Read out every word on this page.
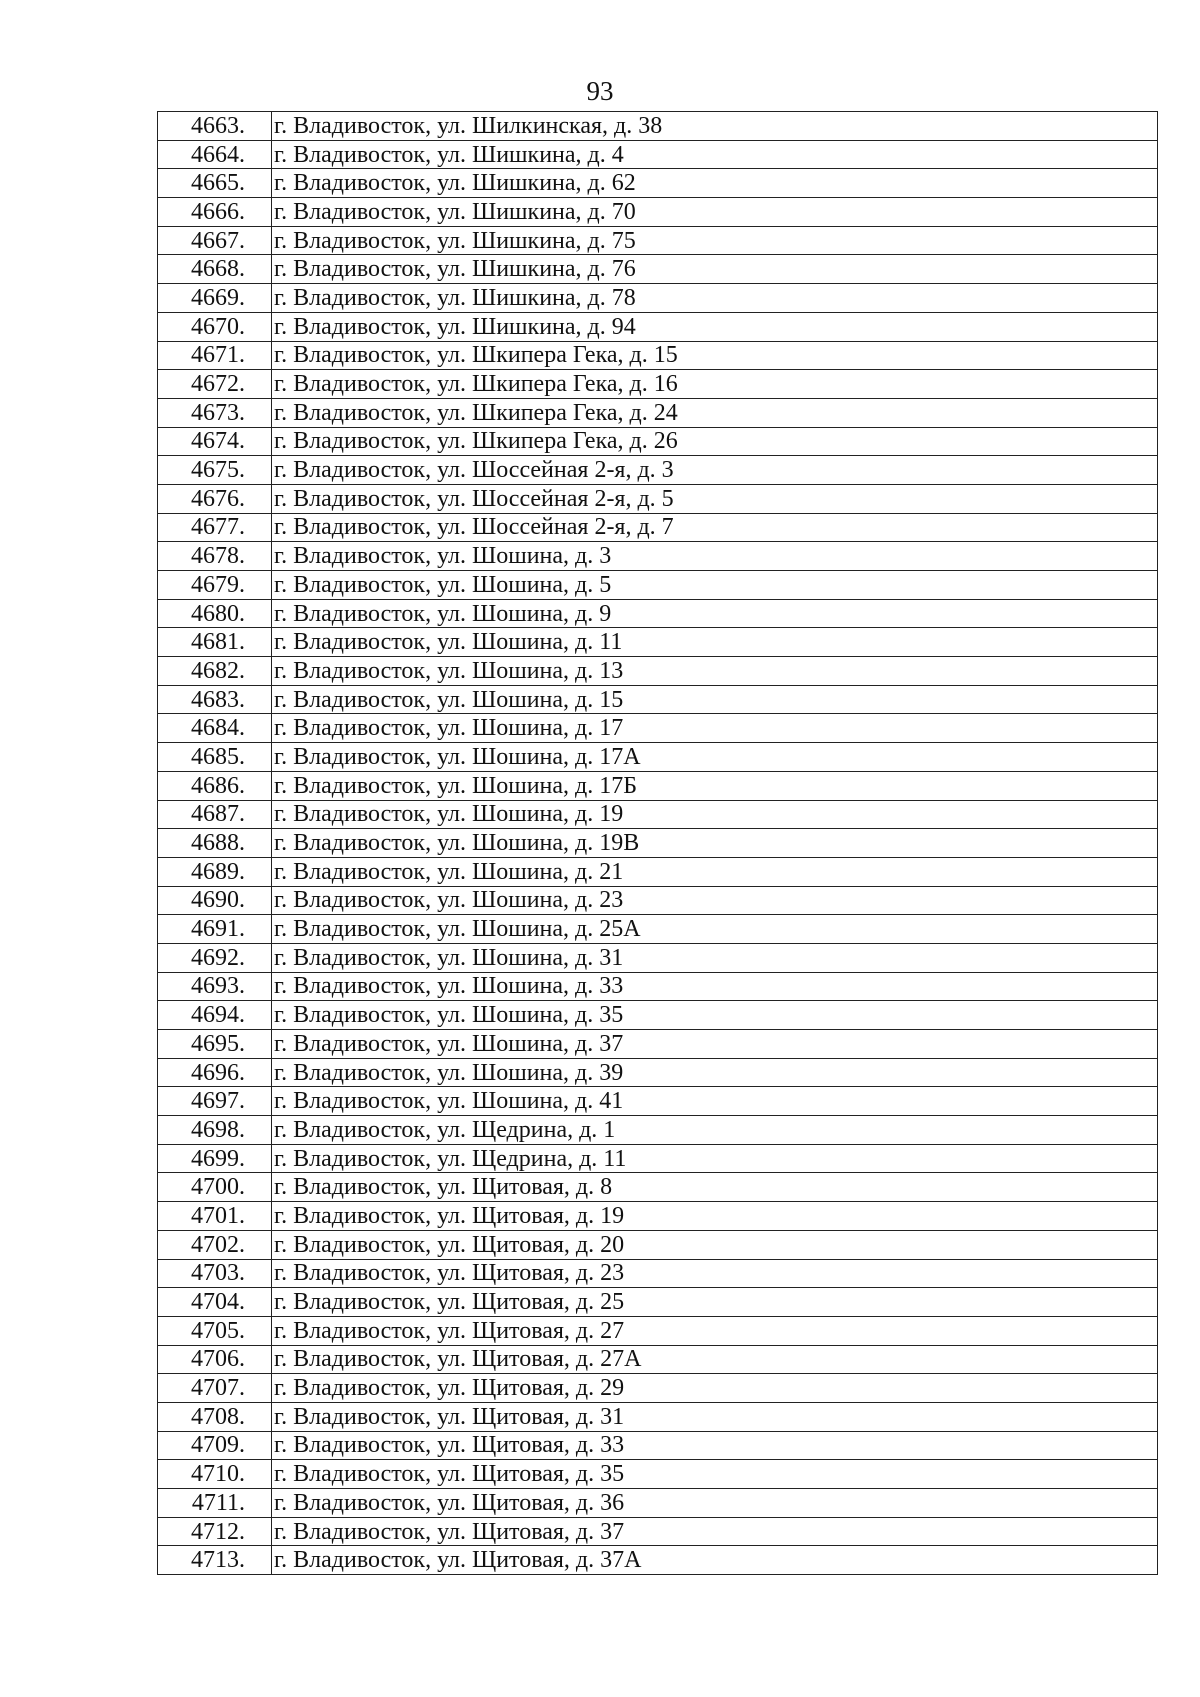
93
4663.	г. Владивосток, ул. Шилкинская, д. 38
4664.	г. Владивосток, ул. Шишкина, д. 4
4665.	г. Владивосток, ул. Шишкина, д. 62
4666.	г. Владивосток, ул. Шишкина, д. 70
4667.	г. Владивосток, ул. Шишкина, д. 75
4668.	г. Владивосток, ул. Шишкина, д. 76
4669.	г. Владивосток, ул. Шишкина, д. 78
4670.	г. Владивосток, ул. Шишкина, д. 94
4671.	г. Владивосток, ул. Шкипера Гека, д. 15
4672.	г. Владивосток, ул. Шкипера Гека, д. 16
4673.	г. Владивосток, ул. Шкипера Гека, д. 24
4674.	г. Владивосток, ул. Шкипера Гека, д. 26
4675.	г. Владивосток, ул. Шоссейная 2-я, д. 3
4676.	г. Владивосток, ул. Шоссейная 2-я, д. 5
4677.	г. Владивосток, ул. Шоссейная 2-я, д. 7
4678.	г. Владивосток, ул. Шошина, д. 3
4679.	г. Владивосток, ул. Шошина, д. 5
4680.	г. Владивосток, ул. Шошина, д. 9
4681.	г. Владивосток, ул. Шошина, д. 11
4682.	г. Владивосток, ул. Шошина, д. 13
4683.	г. Владивосток, ул. Шошина, д. 15
4684.	г. Владивосток, ул. Шошина, д. 17
4685.	г. Владивосток, ул. Шошина, д. 17А
4686.	г. Владивосток, ул. Шошина, д. 17Б
4687.	г. Владивосток, ул. Шошина, д. 19
4688.	г. Владивосток, ул. Шошина, д. 19В
4689.	г. Владивосток, ул. Шошина, д. 21
4690.	г. Владивосток, ул. Шошина, д. 23
4691.	г. Владивосток, ул. Шошина, д. 25А
4692.	г. Владивосток, ул. Шошина, д. 31
4693.	г. Владивосток, ул. Шошина, д. 33
4694.	г. Владивосток, ул. Шошина, д. 35
4695.	г. Владивосток, ул. Шошина, д. 37
4696.	г. Владивосток, ул. Шошина, д. 39
4697.	г. Владивосток, ул. Шошина, д. 41
4698.	г. Владивосток, ул. Щедрина, д. 1
4699.	г. Владивосток, ул. Щедрина, д. 11
4700.	г. Владивосток, ул. Щитовая, д. 8
4701.	г. Владивосток, ул. Щитовая, д. 19
4702.	г. Владивосток, ул. Щитовая, д. 20
4703.	г. Владивосток, ул. Щитовая, д. 23
4704.	г. Владивосток, ул. Щитовая, д. 25
4705.	г. Владивосток, ул. Щитовая, д. 27
4706.	г. Владивосток, ул. Щитовая, д. 27А
4707.	г. Владивосток, ул. Щитовая, д. 29
4708.	г. Владивосток, ул. Щитовая, д. 31
4709.	г. Владивосток, ул. Щитовая, д. 33
4710.	г. Владивосток, ул. Щитовая, д. 35
4711.	г. Владивосток, ул. Щитовая, д. 36
4712.	г. Владивосток, ул. Щитовая, д. 37
4713.	г. Владивосток, ул. Щитовая, д. 37А
